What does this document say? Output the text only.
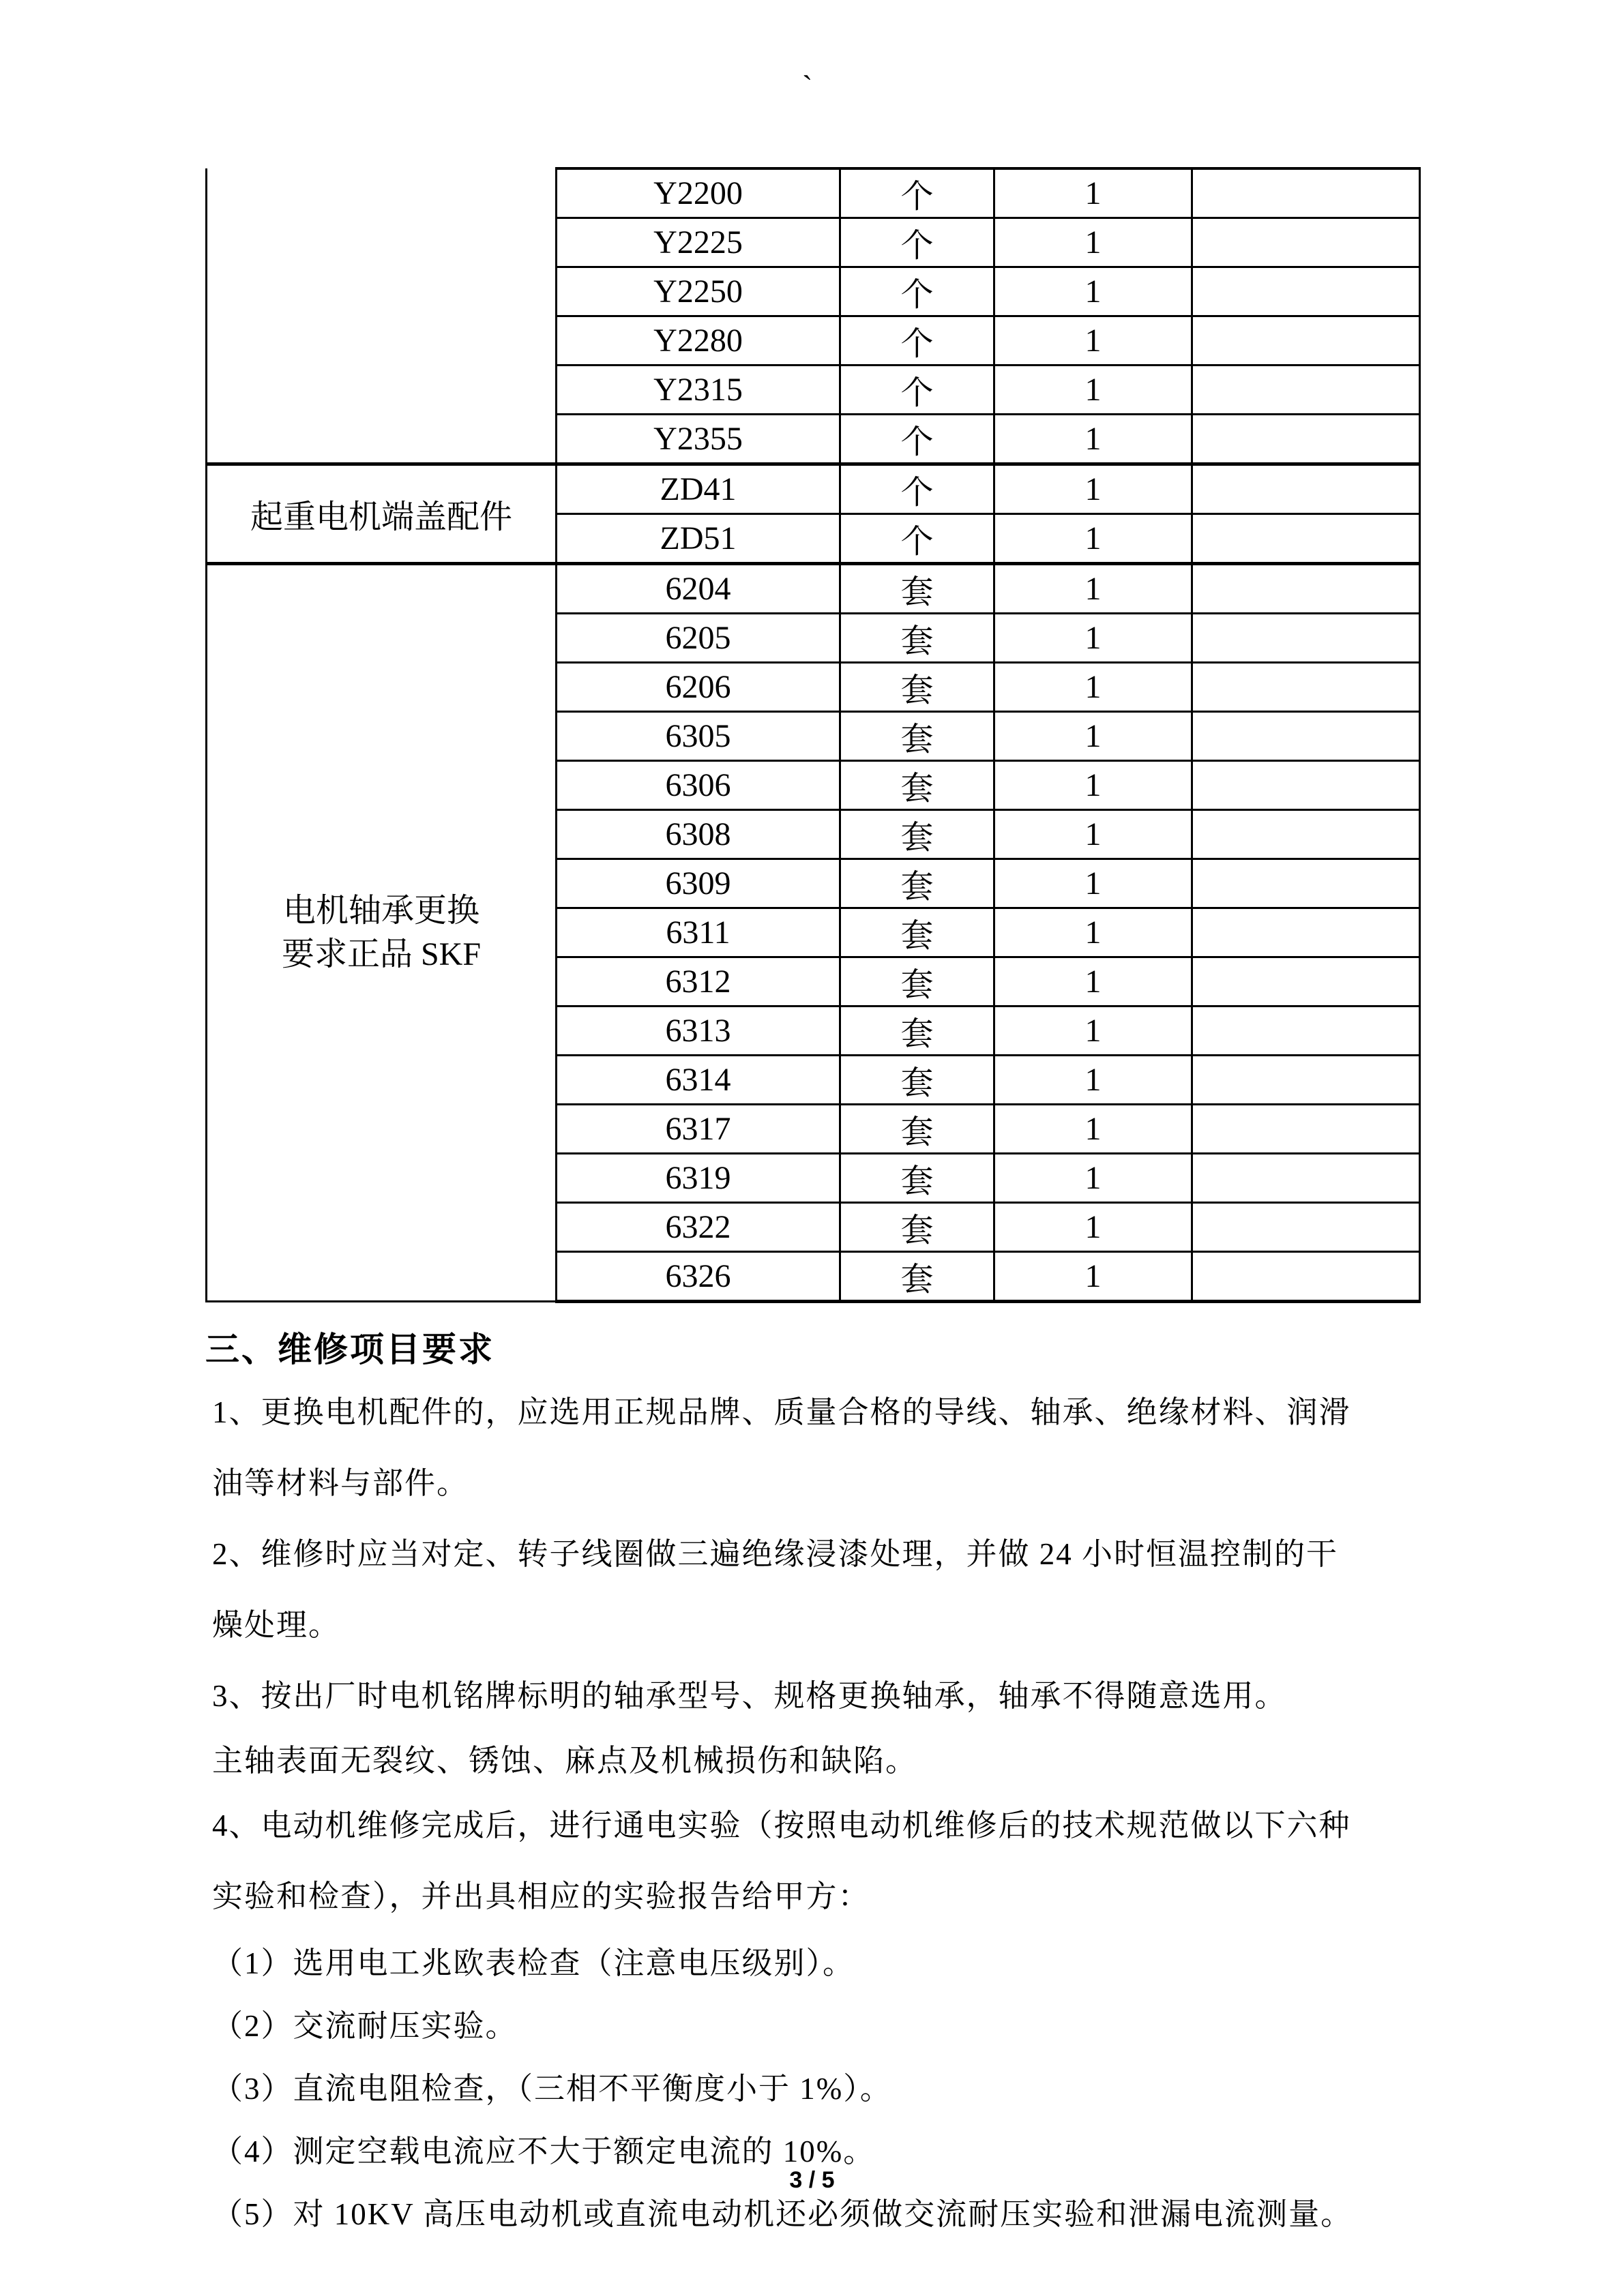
`
	Y2200	个	1	
	Y2225	个	1	
	Y2250	个	1	
	Y2280	个	1	
	Y2315	个	1	
	Y2355	个	1	
起重电机端盖配件	ZD41	个	1	
	ZD51	个	1	

电机轴承更换
要求正品 SKF	6204	套	1	
	6205	套	1	
	6206	套	1	
	6305	套	1	
	6306	套	1	
	6308	套	1	
	6309	套	1	
	6311	套	1	
	6312	套	1	
	6313	套	1	
	6314	套	1	
	6317	套	1	
	6319	套	1	
	6322	套	1	
	6326	套	1	
三、维修项目要求
1、更换电机配件的，应选用正规品牌、质量合格的导线、轴承、绝缘材料、润滑
油等材料与部件。
2、维修时应当对定、转子线圈做三遍绝缘浸漆处理，并做 24 小时恒温控制的干
燥处理。
3、按出厂时电机铭牌标明的轴承型号、规格更换轴承，轴承不得随意选用。
主轴表面无裂纹、锈蚀、麻点及机械损伤和缺陷。
4、电动机维修完成后，进行通电实验（按照电动机维修后的技术规范做以下六种
实验和检查），并出具相应的实验报告给甲方：
（1）选用电工兆欧表检查（注意电压级别）。
（2）交流耐压实验。
（3）直流电阻检查，（三相不平衡度小于 1%）。
（4）测定空载电流应不大于额定电流的 10%。
（5）对 10KV 高压电动机或直流电动机还必须做交流耐压实验和泄漏电流测量。
3 / 5
